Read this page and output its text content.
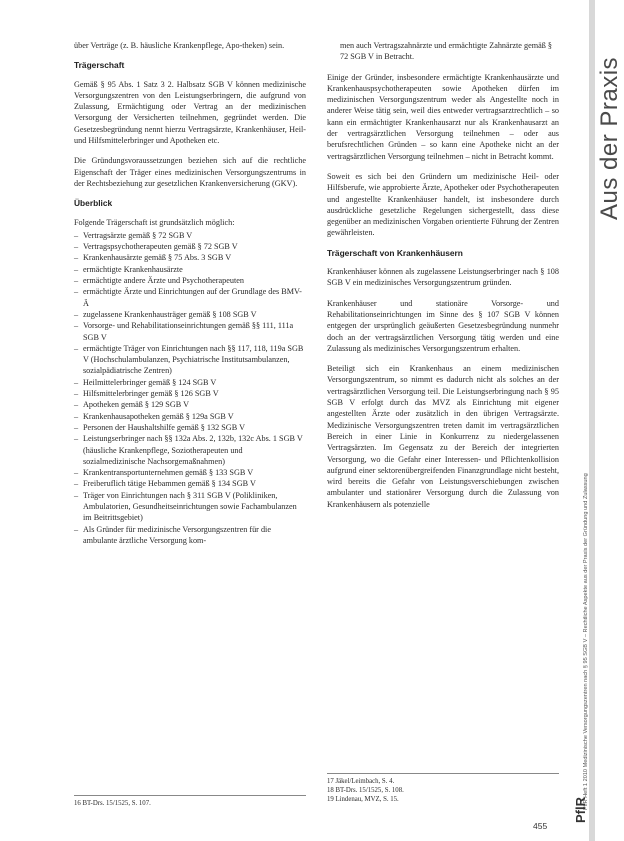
über Verträge (z. B. häusliche Krankenpflege, Apo-theken) sein.

Trägerschaft

Gemäß § 95 Abs. 1 Satz 3 2. Halbsatz SGB V können medizinische Versorgungszentren von den Leistungserbringern, die aufgrund von Zulassung, Ermächtigung oder Vertrag an der medizinischen Versorgung der Versicherten teilnehmen, gegründet werden. Die Gesetzesbegründung nennt hierzu Vertragsärzte, Krankenhäuser, Heil- und Hilfsmittelerbringer und Apotheken etc.

Die Gründungsvoraussetzungen beziehen sich auf die rechtliche Eigenschaft der Träger eines medizinischen Versorgungszentrums in der Rechtsbeziehung zur gesetzlichen Krankenversicherung (GKV).

Überblick

Folgende Trägerschaft ist grundsätzlich möglich:

– Vertragsärzte gemäß § 72 SGB V
– Vertragspsychotherapeuten gemäß § 72 SGB V
– Krankenhausärzte gemäß § 75 Abs. 3 SGB V
– ermächtigte Krankenhausärzte
– ermächtigte andere Ärzte und Psychotherapeuten
– ermächtigte Ärzte und Einrichtungen auf der Grundlage des BMV-Ä
– zugelassene Krankenhausträger gemäß § 108 SGB V
– Vorsorge- und Rehabilitationseinrichtungen gemäß §§ 111, 111a SGB V
– ermächtigte Träger von Einrichtungen nach §§ 117, 118, 119a SGB V (Hochschulambulanzen, Psychiatrische Institutsambulanzen, sozialpädiatrische Zentren)
– Heilmittelerbringer gemäß § 124 SGB V
– Hilfsmittelerbringer gemäß § 126 SGB V
– Apotheken gemäß § 129 SGB V
– Krankenhausapotheken gemäß § 129a SGB V
– Personen der Haushaltshilfe gemäß § 132 SGB V
– Leistungserbringer nach §§ 132a Abs. 2, 132b, 132c Abs. 1 SGB V (häusliche Krankenpflege, Soziotherapeuten und sozialmedizinische Nachsorgemaßnahmen)
– Krankentransportunternehmen gemäß § 133 SGB V
– Freiberuflich tätige Hebammen gemäß § 134 SGB V
– Träger von Einrichtungen nach § 311 SGB V (Polikliniken, Ambulatorien, Gesundheitseinrichtungen sowie Fachambulanzen im Beitrittsgebiet)
– Als Gründer für medizinische Versorgungszentren für die ambulante ärztliche Versorgung kom-
16 BT-Drs. 15/1525, S. 107.
men auch Vertragszahnärzte und ermächtigte Zahnärzte gemäß § 72 SGB V in Betracht.

Einige der Gründer, insbesondere ermächtigte Krankenhausärzte und Krankenhauspsychotherapeuten sowie Apotheken dürfen im medizinischen Versorgungszentrum weder als Angestellte noch in anderer Weise tätig sein, weil dies entweder vertragsarztrechtlich – so kann ein ermächtigter Krankenhausarzt nur als Krankenhausarzt an der vertragsärztlichen Versorgung teilnehmen – oder aus berufsrechtlichen Gründen – so kann eine Apotheke nicht an der vertragsärztlichen Versorgung teilnehmen – nicht in Betracht kommt.

Soweit es sich bei den Gründern um medizinische Heil- oder Hilfsberufe, wie approbierte Ärzte, Apotheker oder Psychotherapeuten und angestellte Krankenhäuser handelt, ist insbesondere durch ausdrückliche gesetzliche Regelungen sichergestellt, dass diese gegenüber an medizinischen Vorgaben orientierte Führung der Zentren gewährleisten.

Trägerschaft von Krankenhäusern

Krankenhäuser können als zugelassene Leistungserbringer nach § 108 SGB V ein medizinisches Versorgungszentrum gründen.

Krankenhäuser und stationäre Vorsorge- und Rehabilitationseinrichtungen im Sinne des § 107 SGB V können entgegen der ursprünglich geäußerten Gesetzesbegründung nunmehr doch an der vertragsärztlichen Versorgung tätig werden und eine Zulassung als medizinisches Versorgungszentrum erhalten.

Beteiligt sich ein Krankenhaus an einem medizinischen Versorgungszentrum, so nimmt es dadurch nicht als solches an der vertragsärztlichen Versorgung teil. Die Leistungserbringung nach § 95 SGB V erfolgt durch das MVZ als Einrichtung mit eigener angestellten Ärzte oder zusätzlich in den übrigen Vertragsärzte. Medizinische Versorgungszentren treten damit im vertragsärztlichen Bereich in einer Linie in Konkurrenz zu niedergelassenen Vertragsärzten. Im Gegensatz zu der Bereich der integrierten Versorgung, wo die Gefahr einer Interessen- und Pflichtenkollision aufgrund einer sektorenübergreifenden Finanzgrundlage nicht besteht, wird bereits die Gefahr von Leistungsverschiebungen zwischen ambulanter und stationärer Versorgung durch die Zulassung von Krankenhäusern als potenzielle

17 Jäkel/Leimbach, S. 4.
18 BT-Drs. 15/1525, S. 108.
19 Lindenau, MVZ, S. 15.
Aus der Praxis
PflR Heft 1 2010 Medizinische Versorgungszentren nach § 95 SGB V – Rechtliche Aspekte aus der Praxis der Gründung und Zulassung
PflR
455
